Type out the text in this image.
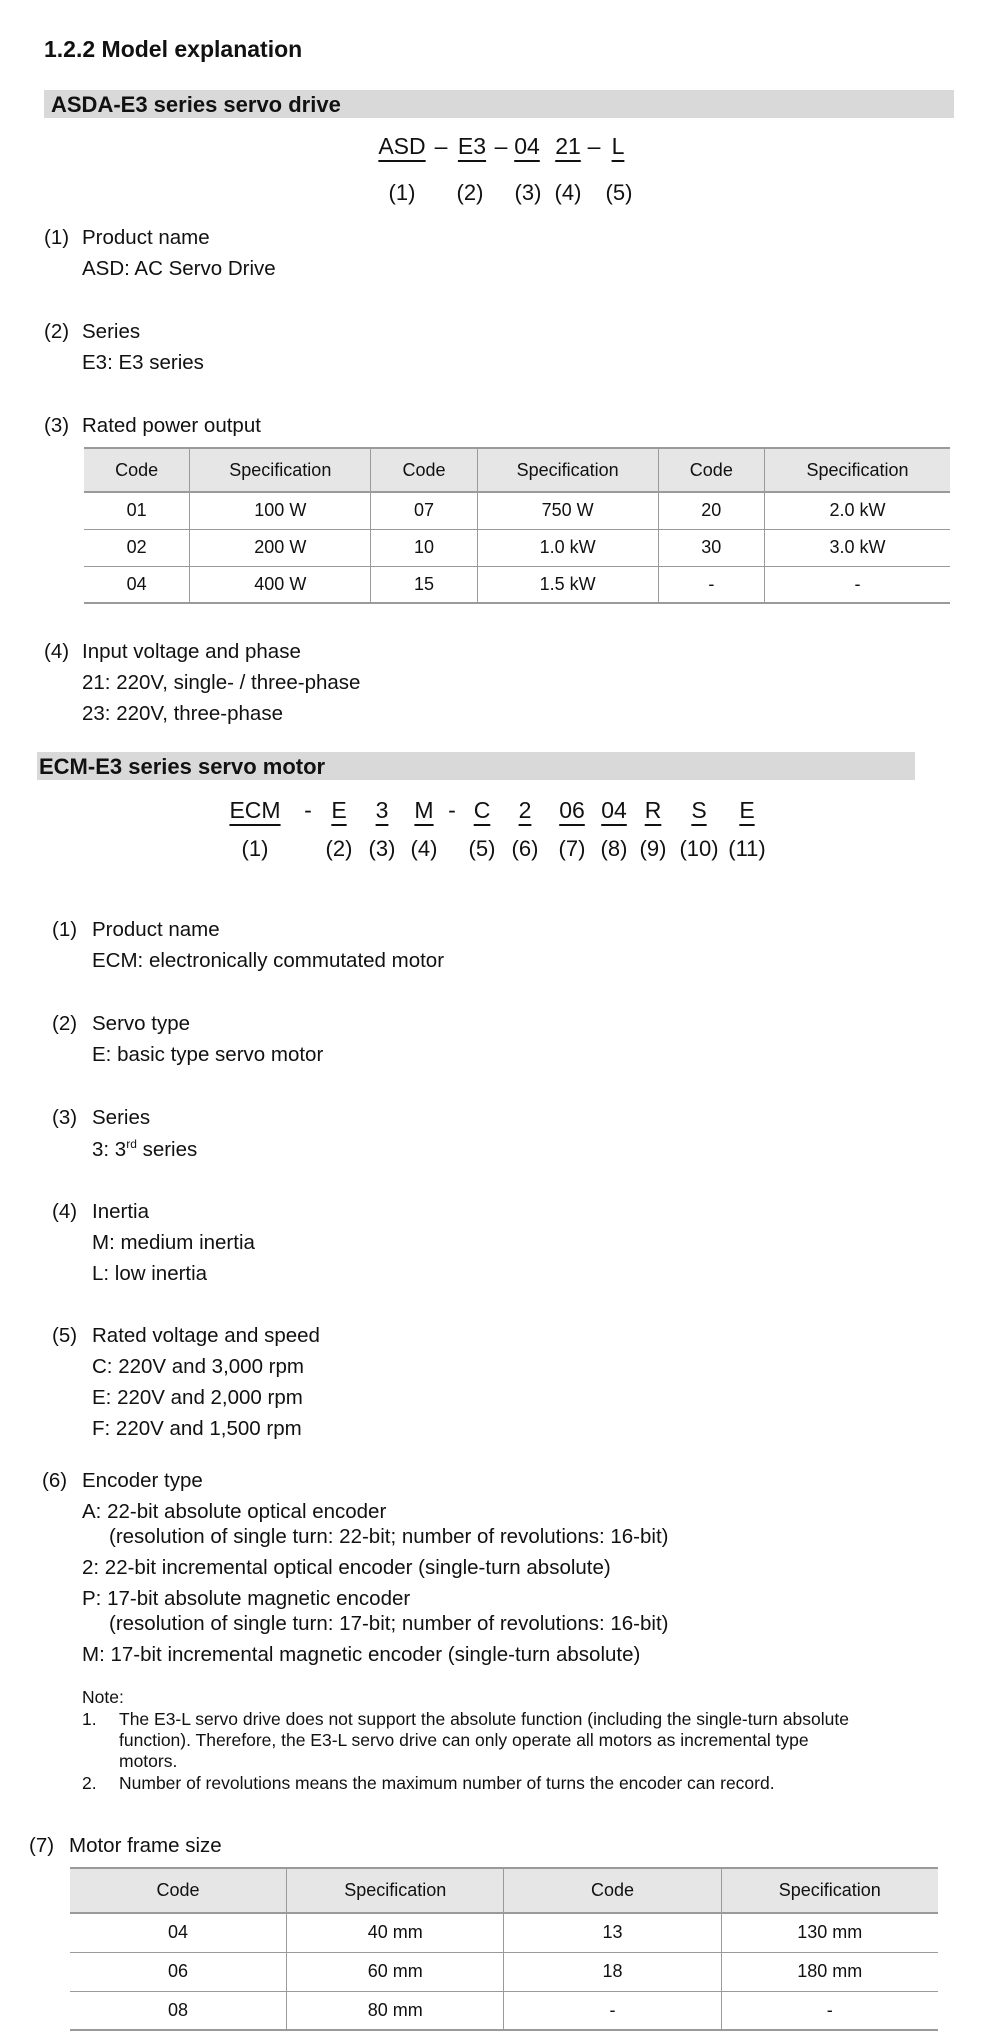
1.2.2 Model explanation
ASDA-E3 series servo drive
ASD – E3 – 04 21 – L
(1)	(2)	(3) (4)	(5)
(1) Product name
ASD: AC Servo Drive
(2) Series
E3: E3 series
(3) Rated power output
Code	Specification	Code	Specification	Code	Specification
01	100 W	07	750 W	20	2.0 kW
02	200 W	10	1.0 kW	30	3.0 kW
04	400 W	15	1.5 kW	-	-
(4) Input voltage and phase
21: 220V, single- / three-phase
23: 220V, three-phase
ECM-E3 series servo motor
ECM - E 3 M - C 2 06 04 R S E
(1)	(2) (3) (4) (5) (6) (7) (8) (9) (10) (11)
(1) Product name
ECM: electronically commutated motor
(2) Servo type
E: basic type servo motor
(3) Series
3: 3rd series
(4) Inertia
M: medium inertia
L: low inertia
(5) Rated voltage and speed
C: 220V and 3,000 rpm
E: 220V and 2,000 rpm
F: 220V and 1,500 rpm
(6) Encoder type
A: 22-bit absolute optical encoder
(resolution of single turn: 22-bit; number of revolutions: 16-bit)
2: 22-bit incremental optical encoder (single-turn absolute)
P: 17-bit absolute magnetic encoder
(resolution of single turn: 17-bit; number of revolutions: 16-bit)
M: 17-bit incremental magnetic encoder (single-turn absolute)
Note:
1. The E3-L servo drive does not support the absolute function (including the single-turn absolute
function). Therefore, the E3-L servo drive can only operate all motors as incremental type
motors.
2. Number of revolutions means the maximum number of turns the encoder can record.
(7) Motor frame size
Code	Specification	Code	Specification
04	40 mm	13	130 mm
06	60 mm	18	180 mm
08	80 mm	-	-
